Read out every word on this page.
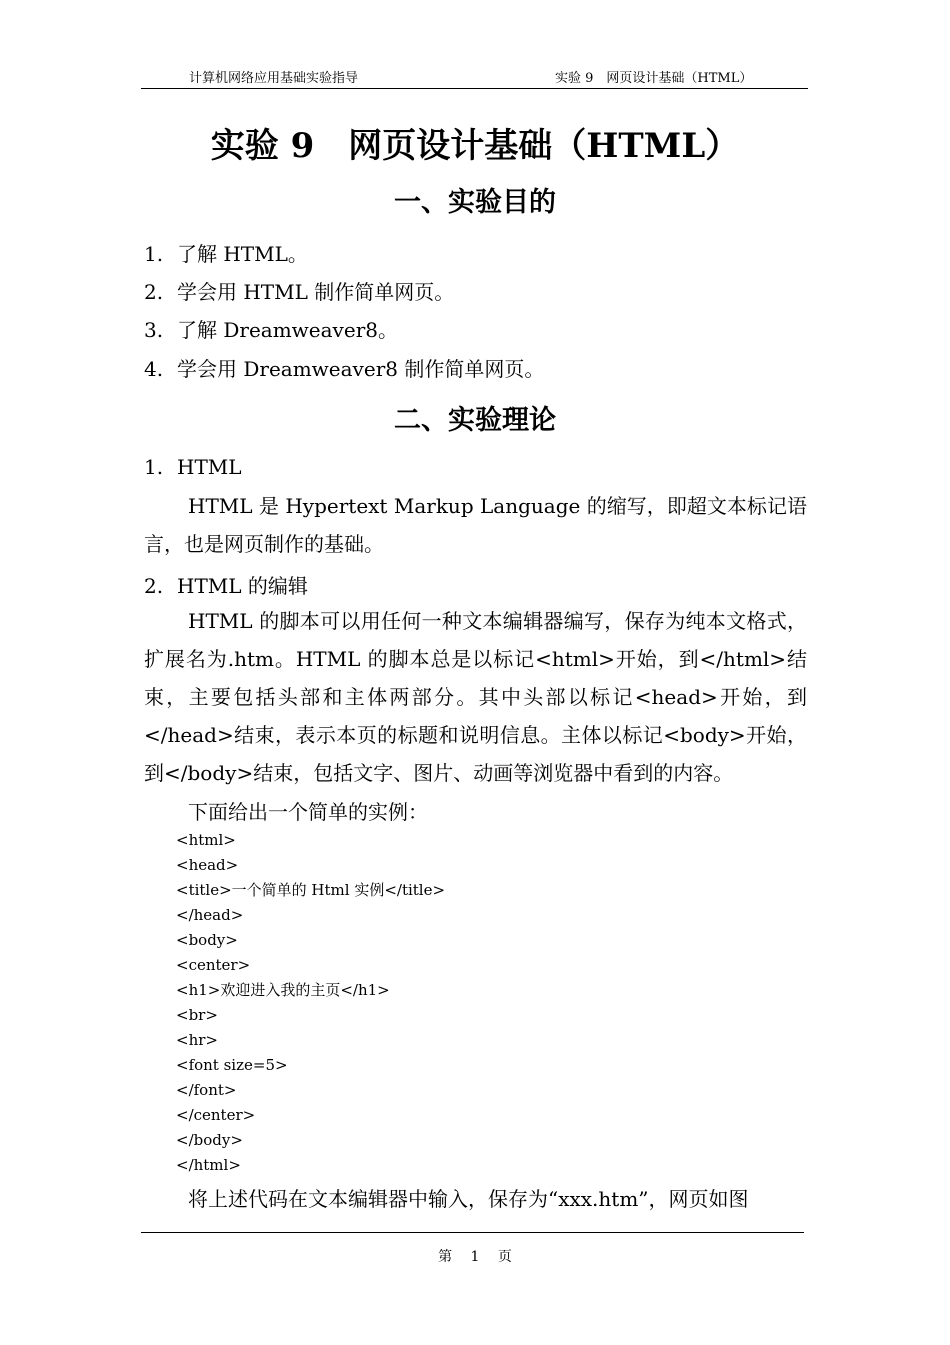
计算机网络应用基础实验指导	实验 9　网页设计基础（HTML）
实验 9　网页设计基础（HTML）
一、实验目的
1. 了解 HTML。
2. 学会用 HTML 制作简单网页。
3. 了解 Dreamweaver8。
4. 学会用 Dreamweaver8 制作简单网页。
二、实验理论
1. HTML
HTML 是 Hypertext Markup Language 的缩写，即超文本标记语言，也是网页制作的基础。
2. HTML 的编辑
HTML 的脚本可以用任何一种文本编辑器编写，保存为纯本文格式，扩展名为.htm。HTML 的脚本总是以标记<html>开始，到</html>结束，主要包括头部和主体两部分。其中头部以标记<head>开始，到</head>结束，表示本页的标题和说明信息。主体以标记<body>开始，到</body>结束，包括文字、图片、动画等浏览器中看到的内容。
下面给出一个简单的实例：
<html>
<head>
<title>一个简单的 Html 实例</title>
</head>
<body>
<center>
<h1>欢迎进入我的主页</h1>
<br>
<hr>
<font size=5>
</font>
</center>
</body>
</html>
将上述代码在文本编辑器中输入，保存为“xxx.htm”，网页如图
第 1 页
